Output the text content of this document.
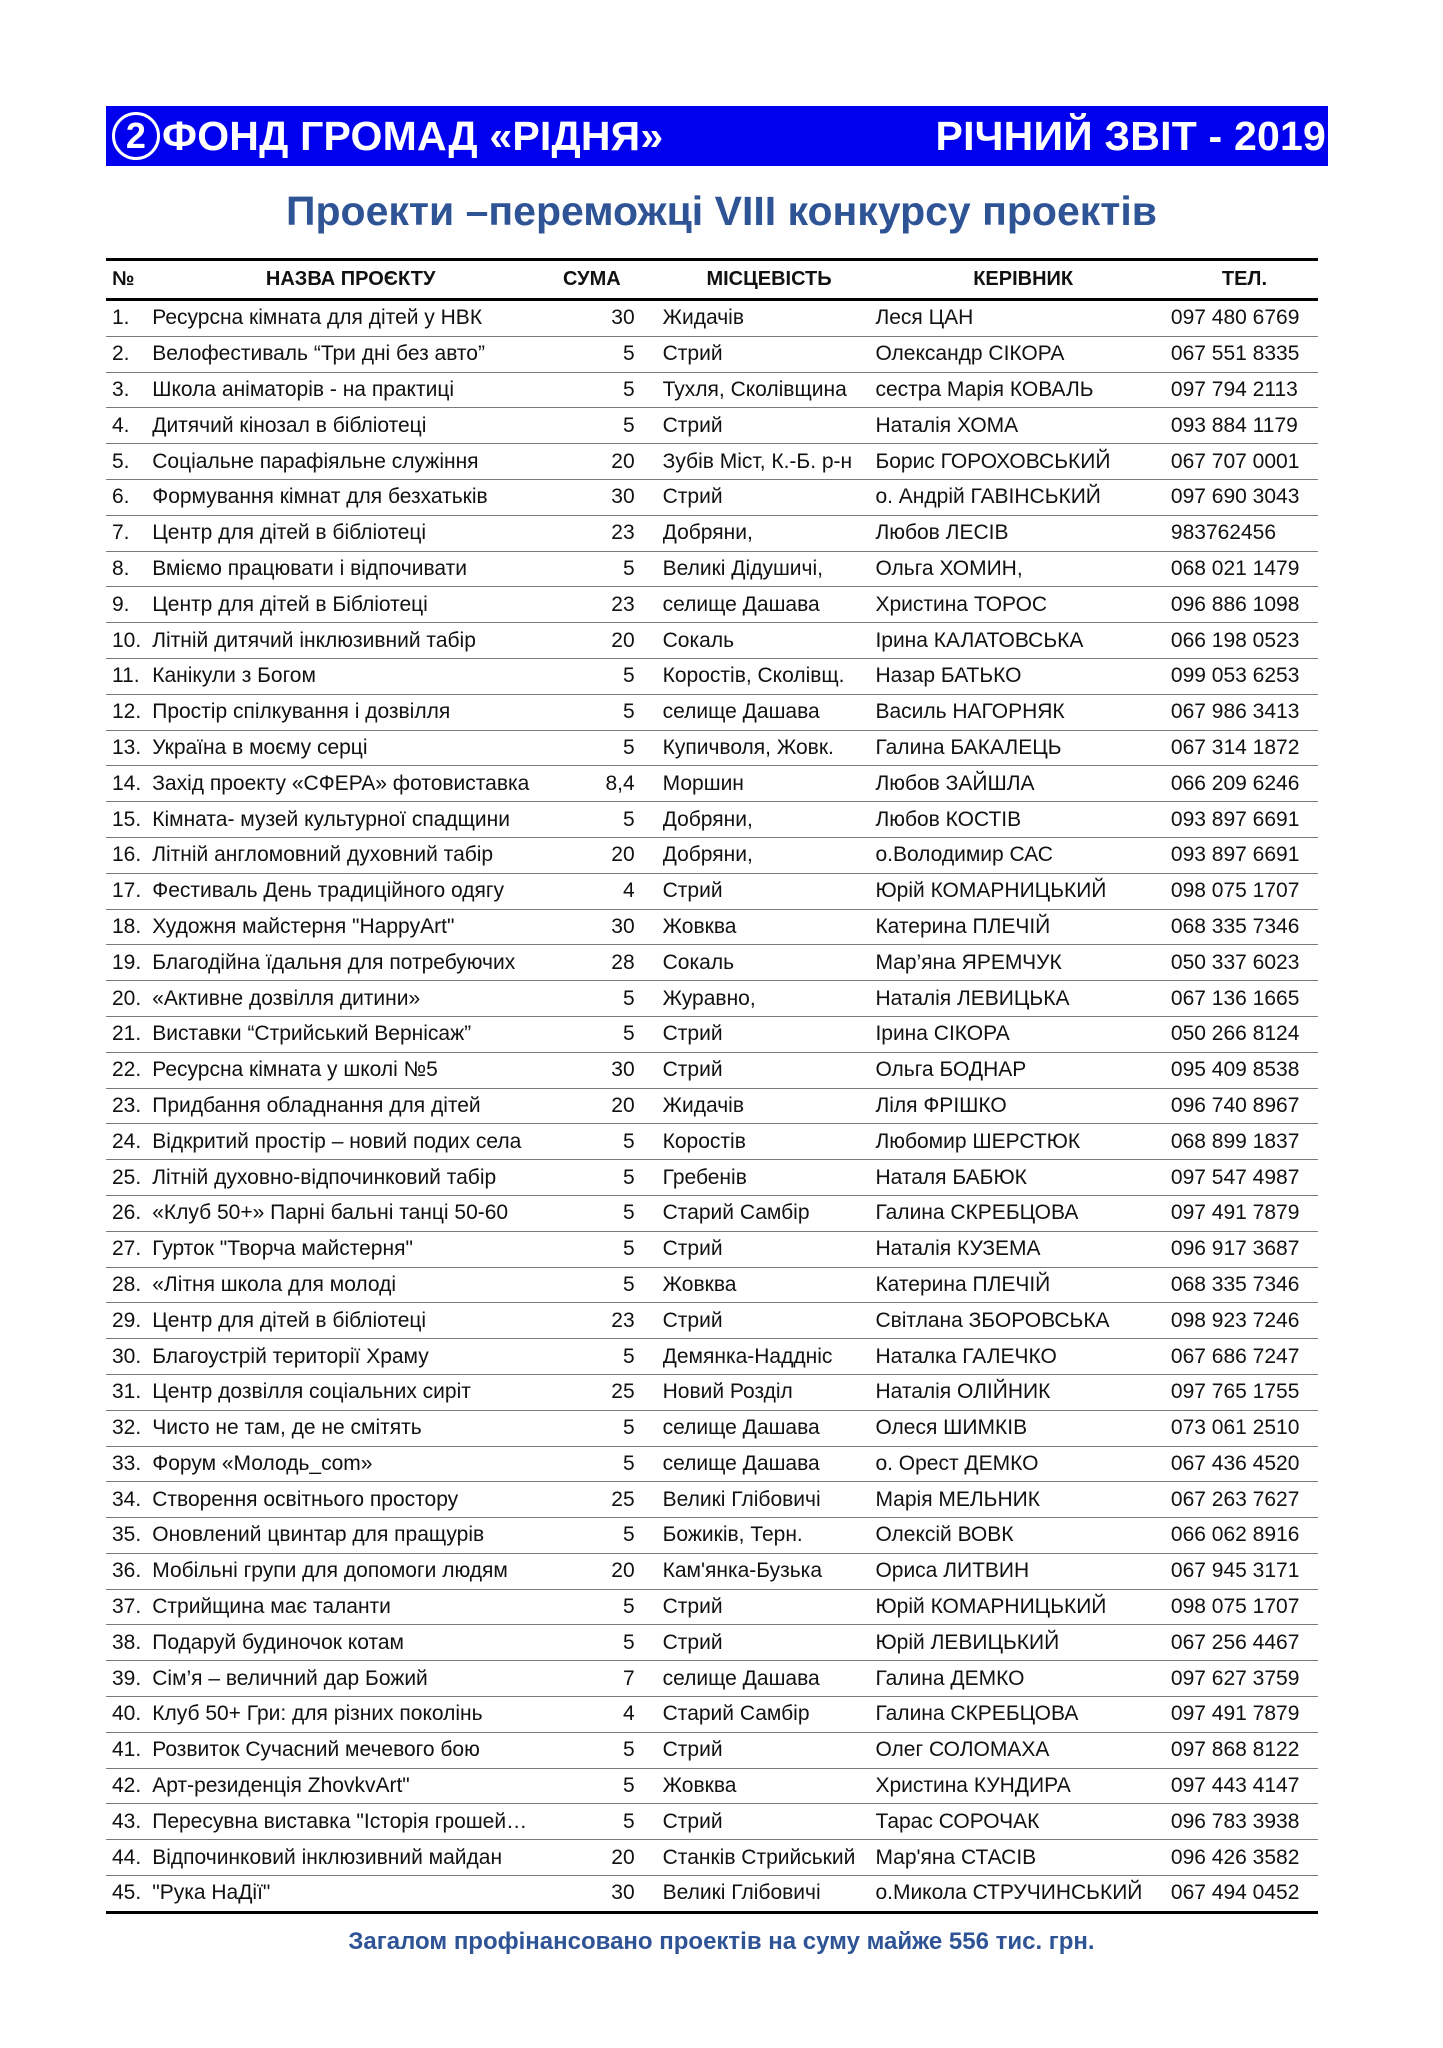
2 ФОНД ГРОМАД «РІДНЯ»	РІЧНИЙ ЗВІТ - 2019
Проекти –переможці VIII конкурсу проектів
№	НАЗВА ПРОЄКТУ	СУМА	МІСЦЕВІСТЬ	КЕРІВНИК	ТЕЛ.
1.	Ресурсна кімната для дітей у НВК	30	Жидачів	Леся ЦАН	097 480 6769
2.	Велофестиваль “Три дні без авто”	5	Стрий	Олександр СІКОРА	067 551 8335
3.	Школа аніматорів - на практиці	5	Тухля, Сколівщина	сестра Марія КОВАЛЬ	097 794 2113
4.	Дитячий кінозал в бібліотеці	5	Стрий	Наталія ХОМА	093 884 1179
5.	Соціальне парафіяльне служіння	20	Зубів Міст, К.-Б. р-н	Борис ГОРОХОВСЬКИЙ	067 707 0001
6.	Формування кімнат для безхатьків	30	Стрий	о. Андрій ГАВІНСЬКИЙ	097 690 3043
7.	Центр для дітей в бібліотеці	23	Добряни,	Любов ЛЕСІВ	983762456
8.	Вміємо працювати і відпочивати	5	Великі Дідушичі,	Ольга ХОМИН,	068 021 1479
9.	Центр для дітей в Бібліотеці	23	селище Дашава	Христина ТОРОС	096 886 1098
10.	Літній дитячий інклюзивний табір	20	Сокаль	Ірина КАЛАТОВСЬКА	066 198 0523
11.	Канікули з Богом	5	Коростів, Сколівщ.	Назар БАТЬКО	099 053 6253
12.	Простір спілкування і дозвілля	5	селище Дашава	Василь НАГОРНЯК	067 986 3413
13.	Україна в моєму серці	5	Купичволя, Жовк.	Галина БАКАЛЕЦЬ	067 314 1872
14.	Захід проекту «СФЕРА» фотовиставка	8,4	Моршин	Любов ЗАЙШЛА	066 209 6246
15.	Кімната- музей культурної спадщини	5	Добряни,	Любов КОСТІВ	093 897 6691
16.	Літній англомовний духовний табір	20	Добряни,	о.Володимир САС	093 897 6691
17.	Фестиваль День традиційного одягу	4	Стрий	Юрій КОМАРНИЦЬКИЙ	098 075 1707
18.	Художня майстерня "HappyArt"	30	Жовква	Катерина ПЛЕЧІЙ	068 335 7346
19.	Благодійна їдальня для потребуючих	28	Сокаль	Мар’яна ЯРЕМЧУК	050 337 6023
20.	«Активне дозвілля дитини»	5	Журавно,	Наталія ЛЕВИЦЬКА	067 136 1665
21.	Виставки “Стрийський Вернісаж”	5	Стрий	Ірина СІКОРА	050 266 8124
22.	Ресурсна кімната у школі №5	30	Стрий	Ольга БОДНАР	095 409 8538
23.	Придбання обладнання для дітей	20	Жидачів	Ліля ФРІШКО	096 740 8967
24.	Відкритий простір – новий подих села	5	Коростів	Любомир ШЕРСТЮК	068 899 1837
25.	Літній духовно-відпочинковий табір	5	Гребенів	Наталя БАБЮК	097 547 4987
26.	«Клуб 50+» Парні бальні танці 50-60	5	Старий Самбір	Галина СКРЕБЦОВА	097 491 7879
27.	Гурток "Творча майстерня"	5	Стрий	Наталія КУЗЕМА	096 917 3687
28.	«Літня школа для молоді	5	Жовква	Катерина ПЛЕЧІЙ	068 335 7346
29.	Центр для дітей в бібліотеці	23	Стрий	Світлана ЗБОРОВСЬКА	098 923 7246
30.	Благоустрій території Храму	5	Демянка-Наддніс	Наталка ГАЛЕЧКО	067 686 7247
31.	Центр дозвілля соціальних сиріт	25	Новий Розділ	Наталія ОЛІЙНИК	097 765 1755
32.	Чисто не там, де не смітять	5	селище Дашава	Олеся ШИМКІВ	073 061 2510
33.	Форум «Молодь_com»	5	селище Дашава	о. Орест ДЕМКО	067 436 4520
34.	Створення освітнього простору	25	Великі Глібовичі	Марія МЕЛЬНИК	067 263 7627
35.	Оновлений цвинтар для пращурів	5	Божиків, Терн.	Олексій ВОВК	066 062 8916
36.	Мобільні групи для допомоги людям	20	Кам'янка-Бузька	Ориса ЛИТВИН	067 945 3171
37.	Стрийщина має таланти	5	Стрий	Юрій КОМАРНИЦЬКИЙ	098 075 1707
38.	Подаруй будиночок котам	5	Стрий	Юрій ЛЕВИЦЬКИЙ	067 256 4467
39.	Сім’я – величний дар Божий	7	селище Дашава	Галина ДЕМКО	097 627 3759
40.	Клуб 50+ Гри: для різних поколінь	4	Старий Самбір	Галина СКРЕБЦОВА	097 491 7879
41.	Розвиток Сучасний мечевого бою	5	Стрий	Олег СОЛОМАХА	097 868 8122
42.	Арт-резиденція ZhovkvArt"	5	Жовква	Христина КУНДИРА	097 443 4147
43.	Пересувна виставка "Історія грошей…	5	Стрий	Тарас СОРОЧАК	096 783 3938
44.	Відпочинковий інклюзивний майдан	20	Станків Стрийський	Мар'яна СТАСІВ	096 426 3582
45.	"Рука НаДії"	30	Великі Глібовичі	о.Микола СТРУЧИНСЬКИЙ	067 494 0452
Загалом профінансовано проектів на суму майже 556 тис. грн.
